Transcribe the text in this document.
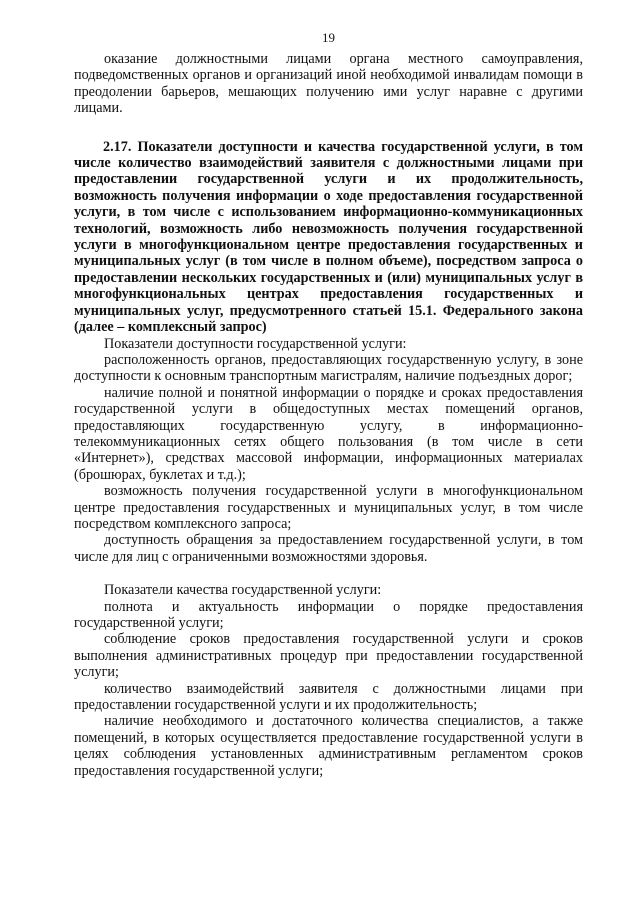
19

оказание должностными лицами органа местного самоуправления, подведомственных органов и организаций иной необходимой инвалидам помощи в преодолении барьеров, мешающих получению ими услуг наравне с другими лицами.

2.17. Показатели доступности и качества государственной услуги, в том числе количество взаимодействий заявителя с должностными лицами при предоставлении государственной услуги и их продолжительность, возможность получения информации о ходе предоставления государственной услуги, в том числе с использованием информационно-коммуникационных технологий, возможность либо невозможность получения государственной услуги в многофункциональном центре предоставления государственных и муниципальных услуг (в том числе в полном объеме), посредством запроса о предоставлении нескольких государственных и (или) муниципальных услуг в многофункциональных центрах предоставления государственных и муниципальных услуг, предусмотренного статьей 15.1. Федерального закона (далее – комплексный запрос)

Показатели доступности государственной услуги:

расположенность органов, предоставляющих государственную услугу, в зоне доступности к основным транспортным магистралям, наличие подъездных дорог;

наличие полной и понятной информации о порядке и сроках предоставления государственной услуги в общедоступных местах помещений органов, предоставляющих государственную услугу, в информационно-телекоммуникационных сетях общего пользования (в том числе в сети «Интернет»), средствах массовой информации, информационных материалах (брошюрах, буклетах и т.д.);

возможность получения государственной услуги в многофункциональном центре предоставления государственных и муниципальных услуг, в том числе посредством комплексного запроса;

доступность обращения за предоставлением государственной услуги, в том числе для лиц с ограниченными возможностями здоровья.

Показатели качества государственной услуги:

полнота и актуальность информации о порядке предоставления государственной услуги;

соблюдение сроков предоставления государственной услуги и сроков выполнения административных процедур при предоставлении государственной услуги;

количество взаимодействий заявителя с должностными лицами при предоставлении государственной услуги и их продолжительность;

наличие необходимого и достаточного количества специалистов, а также помещений, в которых осуществляется предоставление государственной услуги в целях соблюдения установленных административным регламентом сроков предоставления государственной услуги;
